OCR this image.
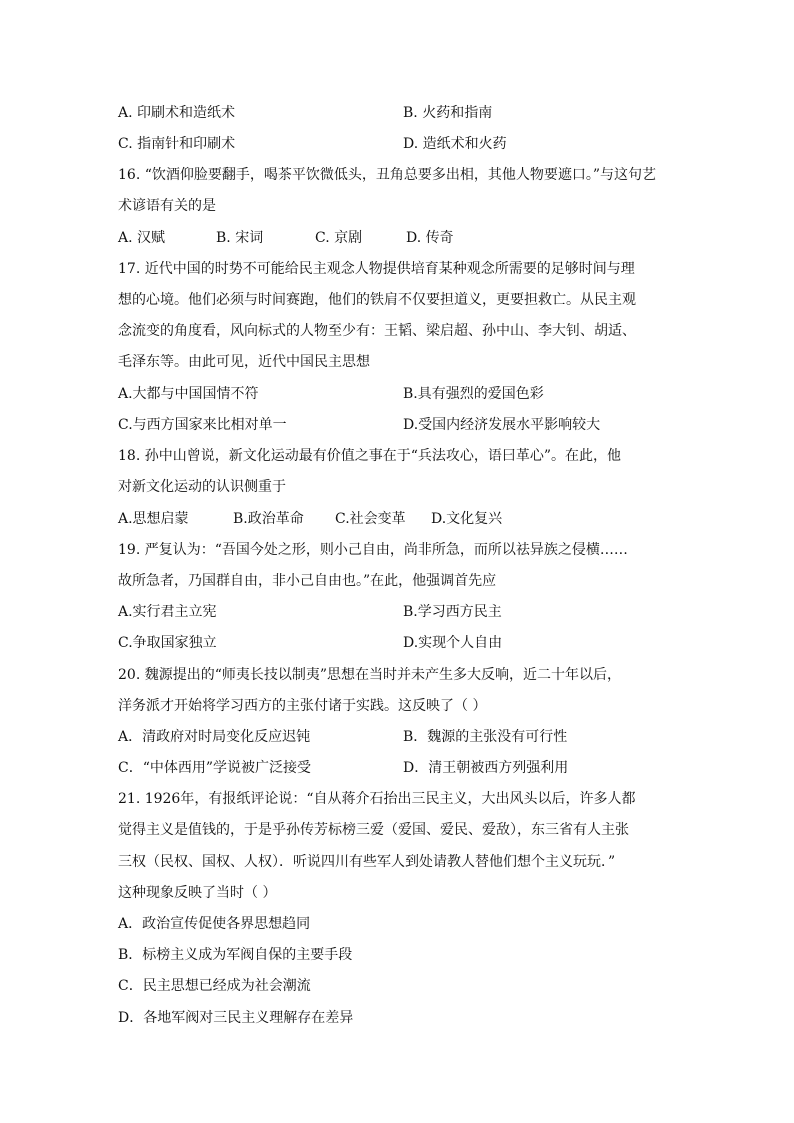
A. 印刷术和造纸术	B. 火药和指南
C. 指南针和印刷术	D. 造纸术和火药
16. “饮酒仰脸要翻手，喝茶平饮微低头，丑角总要多出相，其他人物要遮口。”与这句艺
术谚语有关的是
A. 汉赋	B. 宋词	C. 京剧	D. 传奇
17. 近代中国的时势不可能给民主观念人物提供培育某种观念所需要的足够时间与理
想的心境。他们必须与时间赛跑，他们的铁肩不仅要担道义，更要担救亡。从民主观
念流变的角度看，风向标式的人物至少有：王韬、梁启超、孙中山、李大钊、胡适、
毛泽东等。由此可见，近代中国民主思想
A.大都与中国国情不符	B.具有强烈的爱国色彩
C.与西方国家来比相对单一	D.受国内经济发展水平影响较大
18. 孙中山曾说，新文化运动最有价值之事在于“兵法攻心，语曰革心”。在此，他
对新文化运动的认识侧重于
A.思想启蒙	B.政治革命 C.社会变革 D.文化复兴
19. 严复认为：“吾国今处之形，则小己自由，尚非所急，而所以祛异族之侵横……
故所急者，乃国群自由，非小己自由也。”在此，他强调首先应
A.实行君主立宪	B.学习西方民主
C.争取国家独立	D.实现个人自由
20. 魏源提出的“师夷长技以制夷”思想在当时并未产生多大反响，近二十年以后，
洋务派才开始将学习西方的主张付诸于实践。这反映了（ ）
A．清政府对时局变化反应迟钝	B．魏源的主张没有可行性
C．“中体西用”学说被广泛接受	D．清王朝被西方列强利用
21. 1926年，有报纸评论说：“自从蒋介石抬出三民主义，大出风头以后，许多人都
觉得主义是值钱的，于是乎孙传芳标榜三爱（爱国、爱民、爱敌），东三省有人主张
三权（民权、国权、人权）．听说四川有些军人到处请教人替他们想个主义玩玩．”
这种现象反映了当时（ ）
A．政治宣传促使各界思想趋同
B．标榜主义成为军阀自保的主要手段
C．民主思想已经成为社会潮流
D．各地军阀对三民主义理解存在差异
